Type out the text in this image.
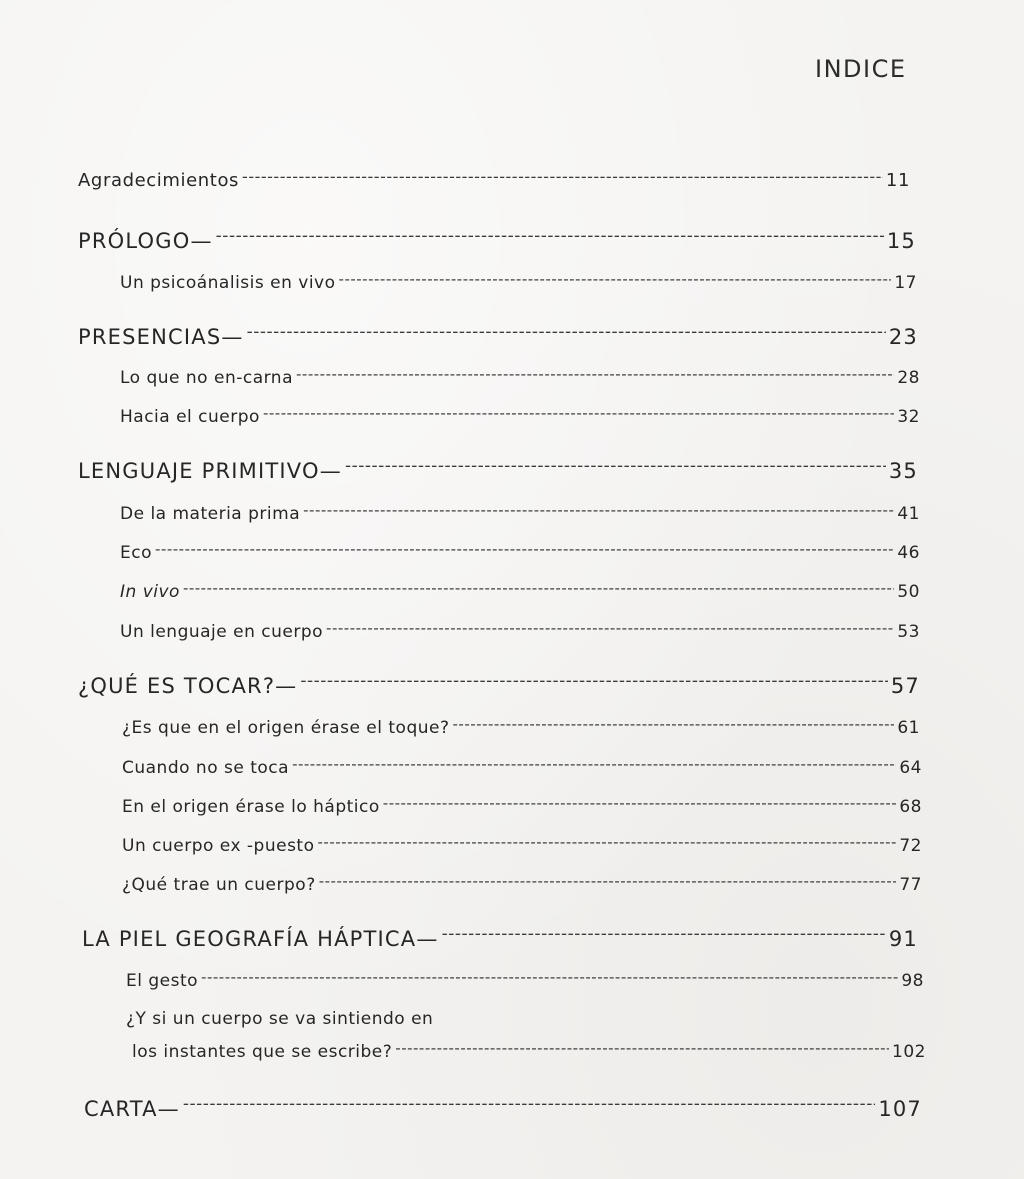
INDICE
Agradecimientos -----	11
PRÓLOGO— -----	15
Un psicoánalisis en vivo -----	17
PRESENCIAS— -----	23
Lo que no en-carna -----	28
Hacia el cuerpo -----	32
LENGUAJE PRIMITIVO— -----	35
De la materia prima -----	41
Eco -----	46
In vivo -----	50
Un lenguaje en cuerpo -----	53
¿QUÉ ES TOCAR?— -----	57
¿Es que en el origen érase el toque? -----	61
Cuando no se toca -----	64
En el origen érase lo háptico -----	68
Un cuerpo ex -puesto -----	72
¿Qué trae un cuerpo? -----	77
LA PIEL GEOGRAFÍA HÁPTICA— -----	91
El gesto -----	98
¿Y si un cuerpo se va sintiendo en
los instantes que se escribe? -----	102
CARTA— -----	107
